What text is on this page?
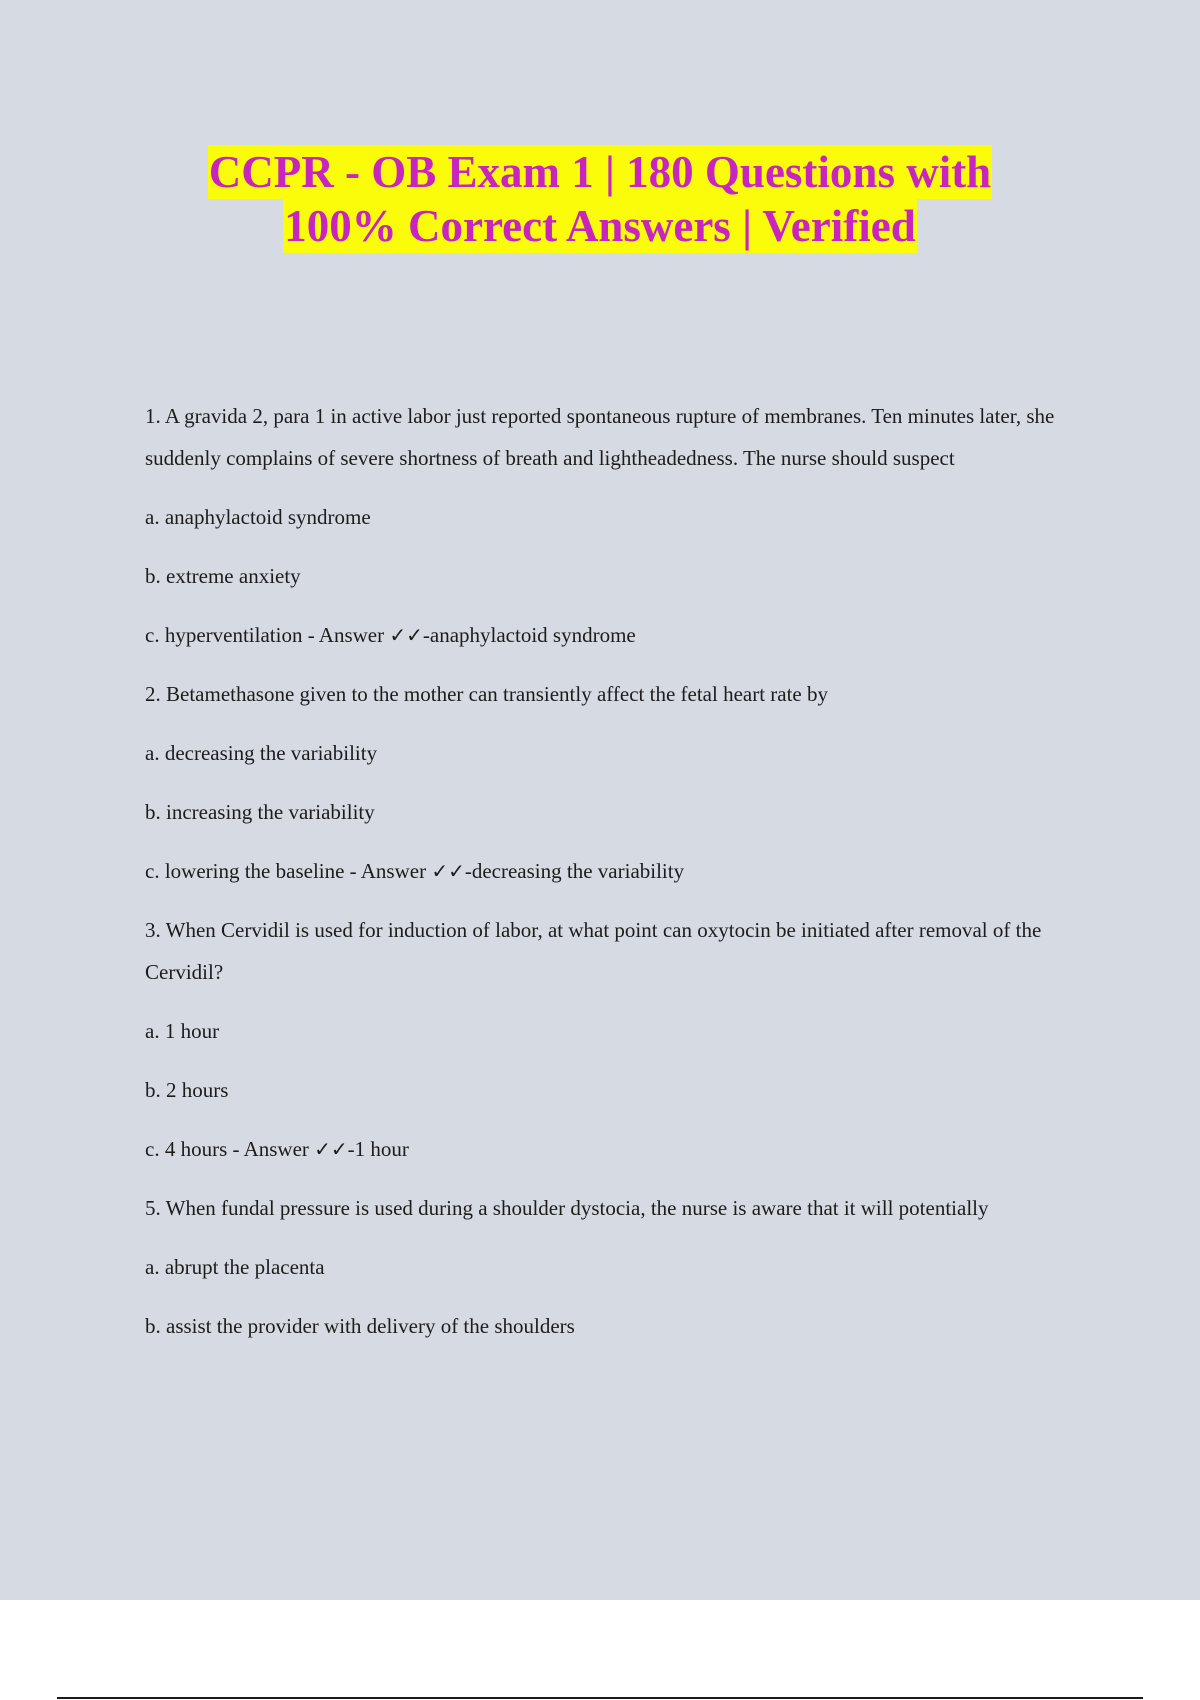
CCPR - OB Exam 1 | 180 Questions with
100% Correct Answers | Verified

1. A gravida 2, para 1 in active labor just reported spontaneous rupture of membranes. Ten minutes later, she suddenly complains of severe shortness of breath and lightheadedness. The nurse should suspect

a. anaphylactoid syndrome

b. extreme anxiety

c. hyperventilation - Answer ✓✓-anaphylactoid syndrome

2. Betamethasone given to the mother can transiently affect the fetal heart rate by

a. decreasing the variability

b. increasing the variability

c. lowering the baseline - Answer ✓✓-decreasing the variability

3. When Cervidil is used for induction of labor, at what point can oxytocin be initiated after removal of the Cervidil?

a. 1 hour

b. 2 hours

c. 4 hours - Answer ✓✓-1 hour

5. When fundal pressure is used during a shoulder dystocia, the nurse is aware that it will potentially

a. abrupt the placenta

b. assist the provider with delivery of the shoulders
